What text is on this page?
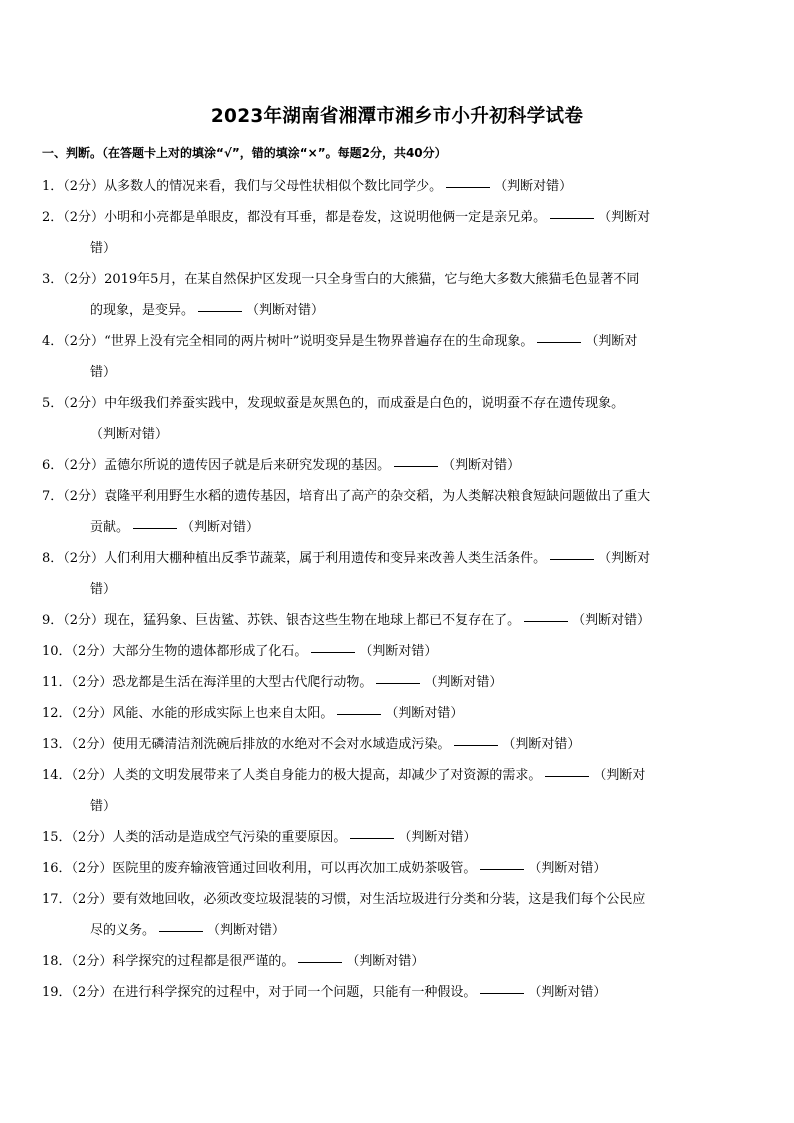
2023年湖南省湘潭市湘乡市小升初科学试卷
一、判断。（在答题卡上对的填涂“√”，错的填涂“×”。每题2分，共40分）
1．（2分）从多数人的情况来看，我们与父母性状相似个数比同学少。	（判断对错）
2．（2分）小明和小亮都是单眼皮，都没有耳垂，都是卷发，这说明他俩一定是亲兄弟。	（判断对
错）
3．（2分）2019年5月，在某自然保护区发现一只全身雪白的大熊猫，它与绝大多数大熊猫毛色显著不同
的现象，是变异。	（判断对错）
4．（2分）“世界上没有完全相同的两片树叶”说明变异是生物界普遍存在的生命现象。	（判断对
错）
5．（2分）中年级我们养蚕实践中，发现蚁蚕是灰黑色的，而成蚕是白色的，说明蚕不存在遗传现象。
（判断对错）
6．（2分）孟德尔所说的遗传因子就是后来研究发现的基因。	（判断对错）
7．（2分）袁隆平利用野生水稻的遗传基因，培育出了高产的杂交稻，为人类解决粮食短缺问题做出了重大
贡献。	（判断对错）
8．（2分）人们利用大棚种植出反季节蔬菜，属于利用遗传和变异来改善人类生活条件。	（判断对
错）
9．（2分）现在，猛犸象、巨齿鲨、苏铁、银杏这些生物在地球上都已不复存在了。	（判断对错）
10．（2分）大部分生物的遗体都形成了化石。	（判断对错）
11．（2分）恐龙都是生活在海洋里的大型古代爬行动物。	（判断对错）
12．（2分）风能、水能的形成实际上也来自太阳。	（判断对错）
13．（2分）使用无磷清洁剂洗碗后排放的水绝对不会对水域造成污染。	（判断对错）
14．（2分）人类的文明发展带来了人类自身能力的极大提高，却减少了对资源的需求。	（判断对
错）
15．（2分）人类的活动是造成空气污染的重要原因。	（判断对错）
16．（2分）医院里的废弃输液管通过回收利用，可以再次加工成奶茶吸管。	（判断对错）
17．（2分）要有效地回收，必须改变垃圾混装的习惯，对生活垃圾进行分类和分装，这是我们每个公民应
尽的义务。	（判断对错）
18．（2分）科学探究的过程都是很严谨的。	（判断对错）
19．（2分）在进行科学探究的过程中，对于同一个问题，只能有一种假设。	（判断对错）
